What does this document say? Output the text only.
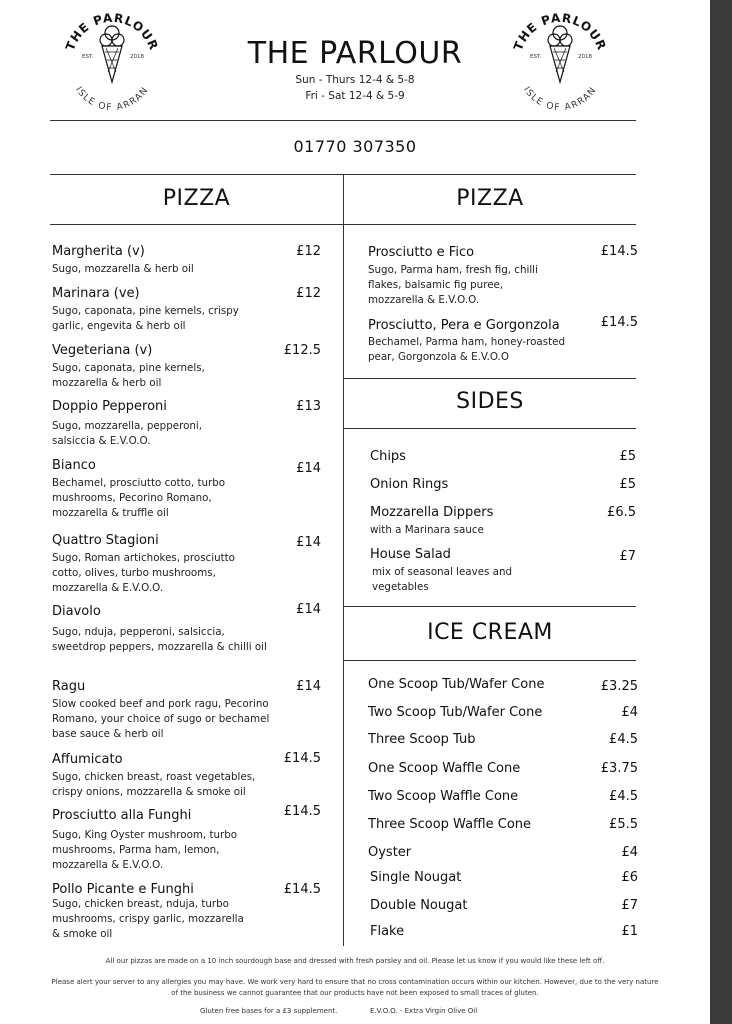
THE PARLOUR
ISLE OF ARRAN
EST.	2018
THE PARLOUR
ISLE OF ARRAN
EST.	2018
THE PARLOUR
Sun - Thurs 12-4 & 5-8
Fri - Sat 12-4 & 5-9
01770 307350
PIZZA	PIZZA
SIDES
ICE CREAM
Margherita (v)	£12
Sugo, mozzarella & herb oil
Marinara (ve)	£12
Sugo, caponata, pine kernels, crispy garlic, engevita & herb oil
Vegeteriana (v)	£12.5
Sugo, caponata, pine kernels, mozzarella & herb oil
Doppio Pepperoni	£13
Sugo, mozzarella, pepperoni, salsiccia & E.V.O.O.
Bianco	£14
Bechamel, prosciutto cotto, turbo mushrooms, Pecorino Romano, mozzarella & truffle oil
Quattro Stagioni	£14
Sugo, Roman artichokes, prosciutto cotto, olives, turbo mushrooms, mozzarella & E.V.O.O.
Diavolo	£14
Sugo, nduja, pepperoni, salsiccia, sweetdrop peppers, mozzarella & chilli oil
Ragu	£14
Slow cooked beef and pork ragu, Pecorino Romano, your choice of sugo or bechamel base sauce & herb oil
Affumicato	£14.5
Sugo, chicken breast, roast vegetables, crispy onions, mozzarella & smoke oil
Prosciutto alla Funghi	£14.5
Sugo, King Oyster mushroom, turbo mushrooms, Parma ham, lemon, mozzarella & E.V.O.O.
Pollo Picante e Funghi	£14.5
Sugo, chicken breast, nduja, turbo mushrooms, crispy garlic, mozzarella & smoke oil
Prosciutto e Fico	£14.5
Sugo, Parma ham, fresh fig, chilli flakes, balsamic fig puree, mozzarella & E.V.O.O.
Prosciutto, Pera e Gorgonzola	£14.5
Bechamel, Parma ham, honey-roasted pear, Gorgonzola & E.V.O.O
Chips	£5
Onion Rings	£5
Mozzarella Dippers	£6.5
with a Marinara sauce
House Salad	£7
mix of seasonal leaves and vegetables
One Scoop Tub/Wafer Cone	£3.25
Two Scoop Tub/Wafer Cone	£4
Three Scoop Tub	£4.5
One Scoop Waffle Cone	£3.75
Two Scoop Waffle Cone	£4.5
Three Scoop Waffle Cone	£5.5
Oyster	£4
Single Nougat	£6
Double Nougat	£7
Flake	£1
All our pizzas are made on a 10 inch sourdough base and dressed with fresh parsley and oil. Please let us know if you would like these left off.
Please alert your server to any allergies you may have. We work very hard to ensure that no cross contamination occurs within our kitchen. However, due to the very nature of the business we cannot guarantee that our products have not been exposed to small traces of gluten.
Gluten free bases for a £3 supplement.	E.V.O.O. - Extra Virgin Olive Oil
